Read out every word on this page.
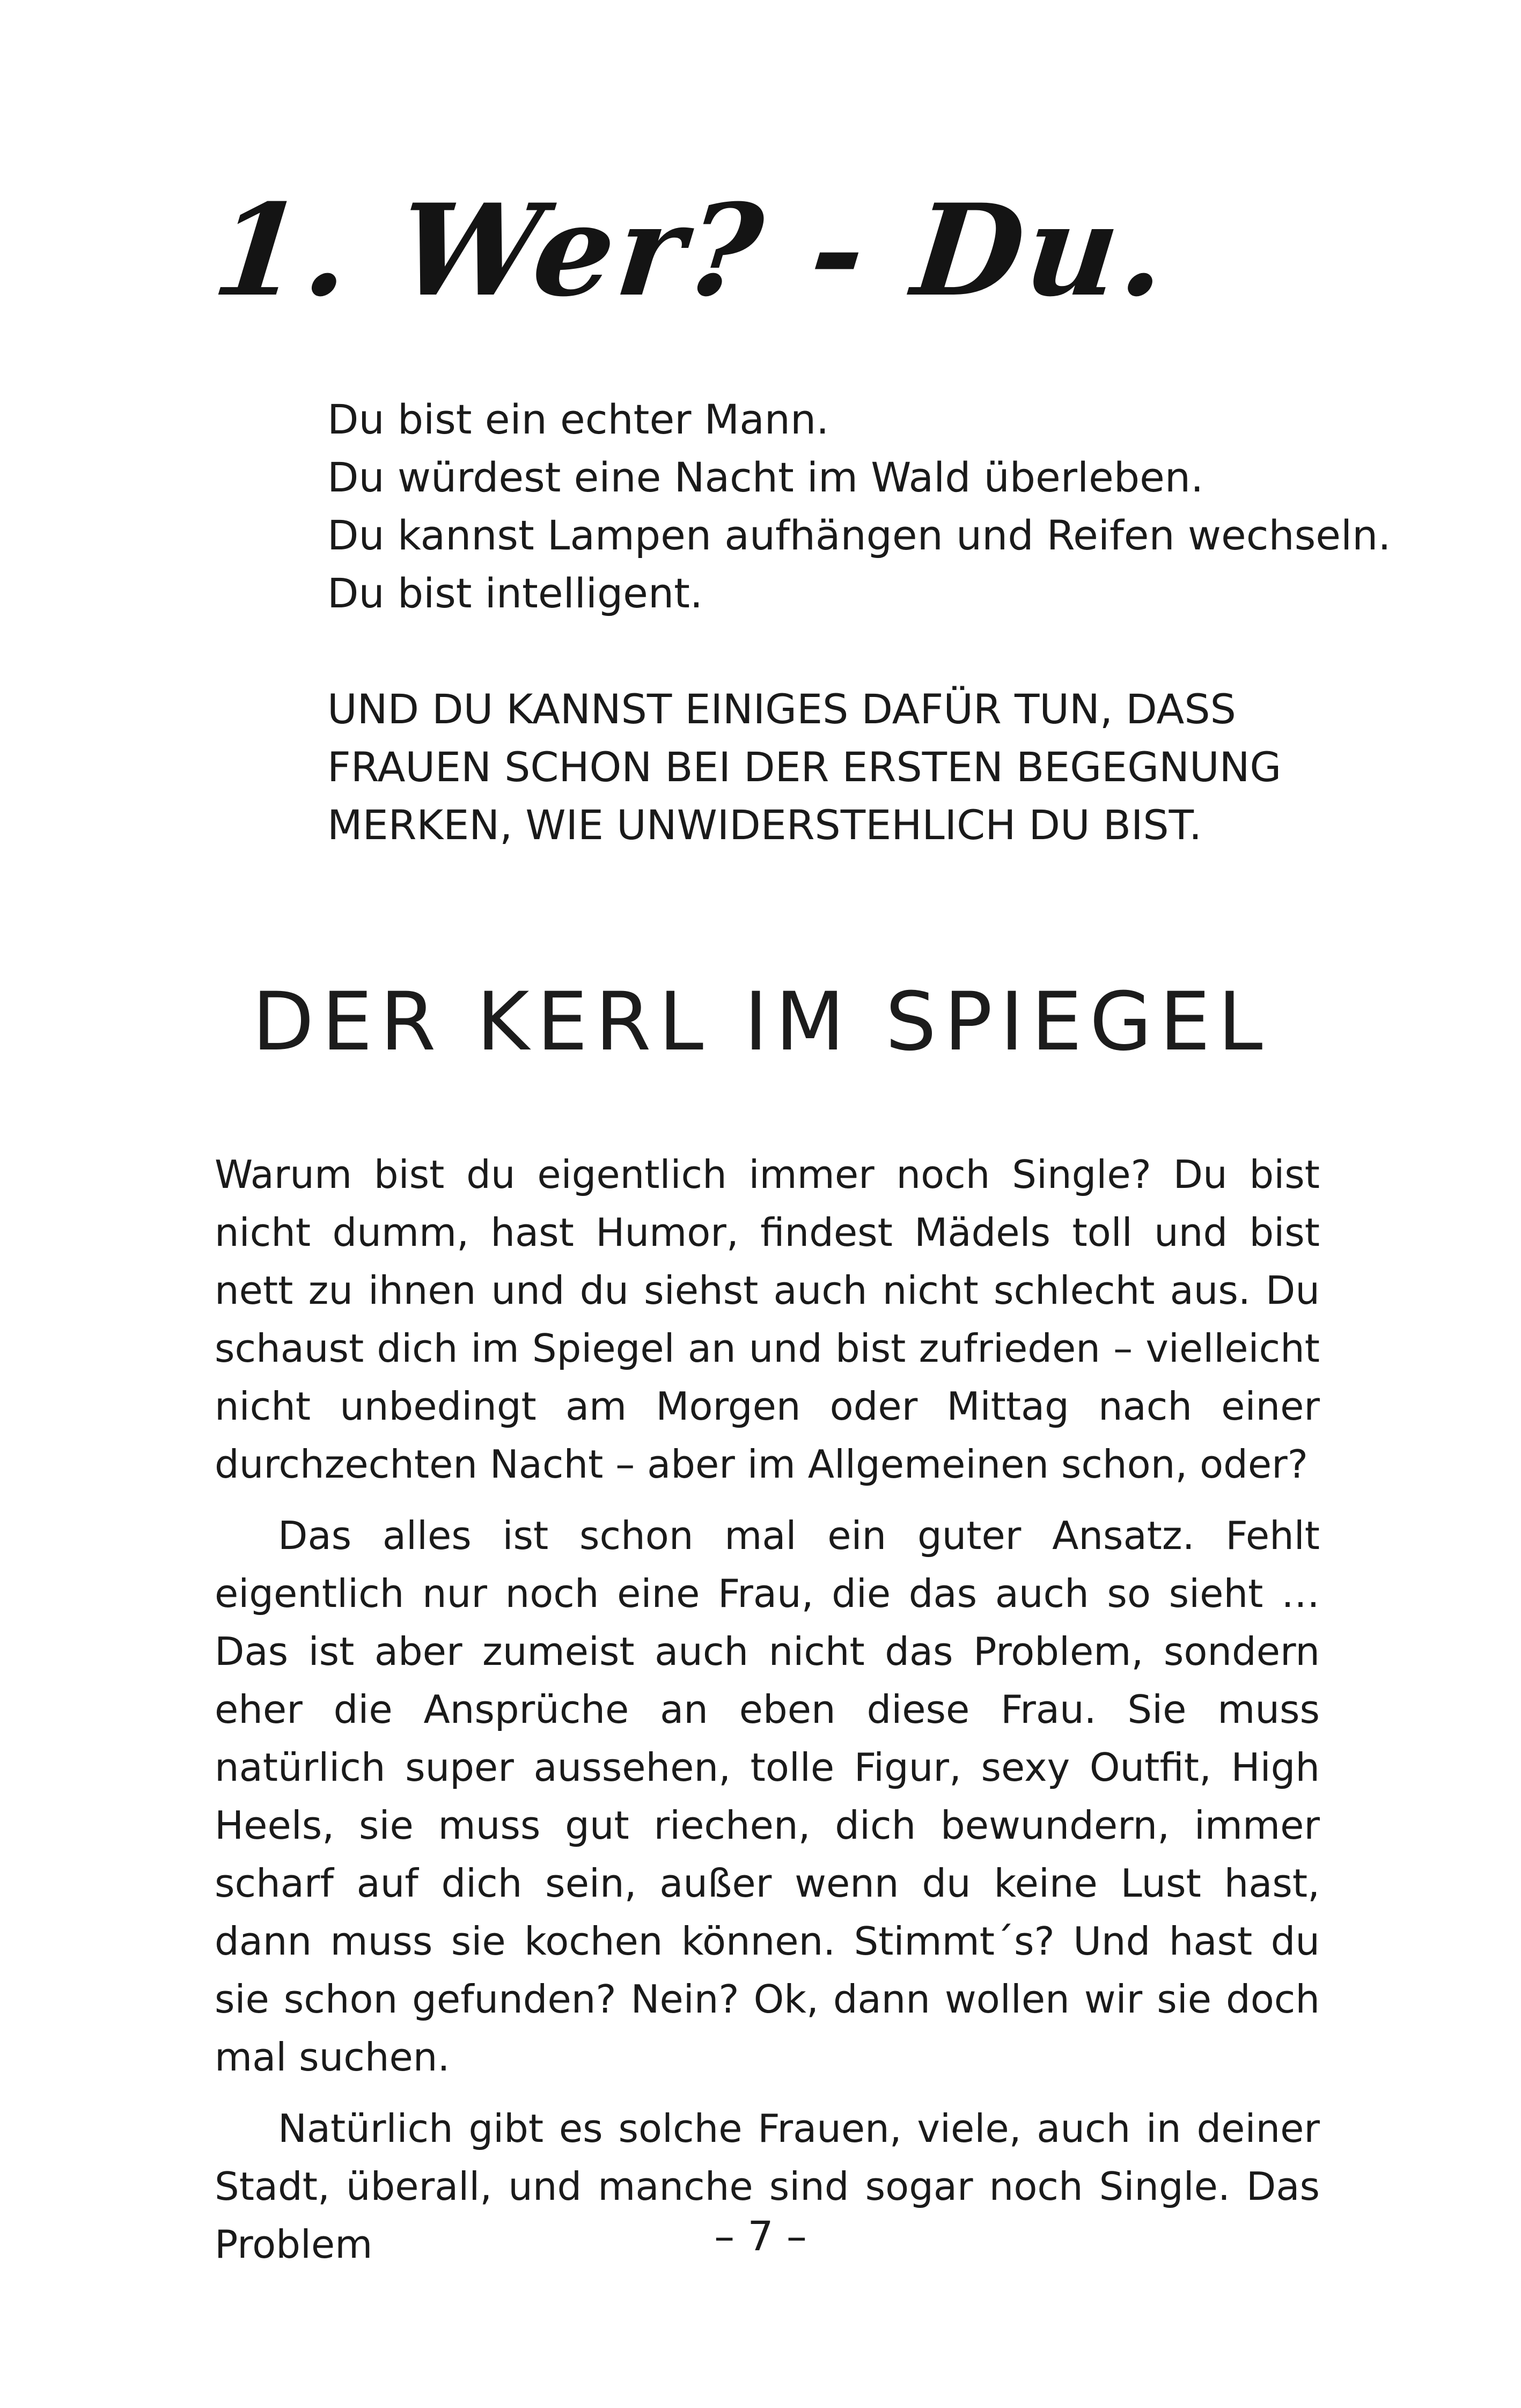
1. Wer? - Du.
Du bist ein echter Mann.
Du würdest eine Nacht im Wald überleben.
Du kannst Lampen aufhängen und Reifen wechseln.
Du bist intelligent.
UND DU KANNST EINIGES DAFÜR TUN, DASS
FRAUEN SCHON BEI DER ERSTEN BEGEGNUNG
MERKEN, WIE UNWIDERSTEHLICH DU BIST.
DER KERL IM SPIEGEL

Warum bist du eigentlich immer noch Single? Du bist nicht dumm, hast Humor, findest Mädels toll und bist nett zu ihnen und du siehst auch nicht schlecht aus. Du schaust dich im Spiegel an und bist zufrieden – vielleicht nicht unbedingt am Morgen oder Mittag nach einer durchzechten Nacht – aber im Allgemeinen schon, oder?

Das alles ist schon mal ein guter Ansatz. Fehlt eigentlich nur noch eine Frau, die das auch so sieht … Das ist aber zumeist auch nicht das Problem, sondern eher die Ansprüche an eben diese Frau. Sie muss natürlich super aussehen, tolle Figur, sexy Outfit, High Heels, sie muss gut riechen, dich bewundern, immer scharf auf dich sein, außer wenn du keine Lust hast, dann muss sie kochen können. Stimmt´s? Und hast du sie schon gefunden? Nein? Ok, dann wollen wir sie doch mal suchen.

Natürlich gibt es solche Frauen, viele, auch in deiner Stadt, überall, und manche sind sogar noch Single. Das Problem	– 7 –
